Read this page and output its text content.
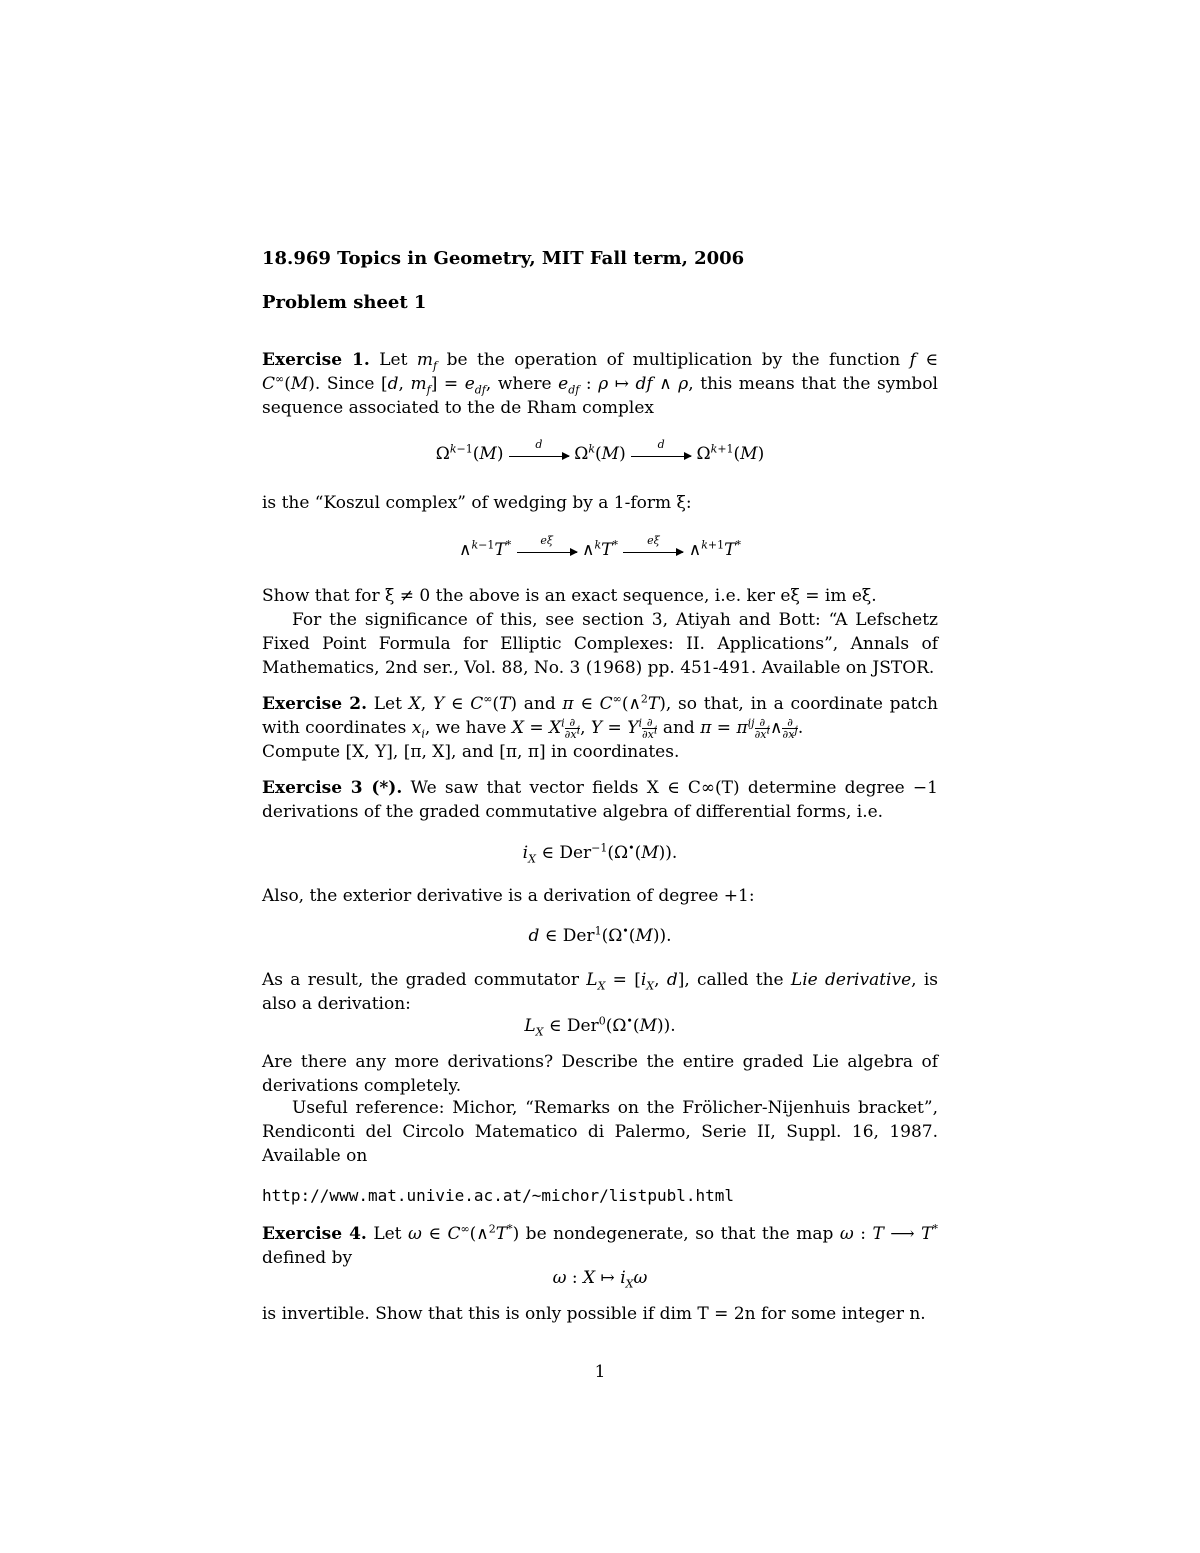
18.969 Topics in Geometry, MIT Fall term, 2006
Problem sheet 1
Exercise 1. Let $m_f$ be the operation of multiplication by the function f ∈ C∞(M). Since [d, $m_f] = e_{df}$, where $e_{df}$ : ρ ↦ df ∧ ρ, this means that the symbol sequence associated to the de Rham complex
$\Omega^{k-1}(M)$	d	$\Omega^k(M)$	d	$\Omega^{k+1}(M)$
is the “Koszul complex” of wedging by a 1-form ξ:
∧$^{k-1}$T*	eξ	∧$^k$T*	eξ	∧$^{k+1}$T*
Show that for ξ ≠ 0 the above is an exact sequence, i.e. ker eξ = im eξ.
For the significance of this, see section 3, Atiyah and Bott: “A Lefschetz Fixed Point Formula for Elliptic Complexes: II. Applications”, Annals of Mathematics, 2nd ser., Vol. 88, No. 3 (1968) pp. 451-491. Available on JSTOR.
Exercise 2. Let X, Y ∈ C∞(T) and π ∈ C∞(∧$^2$T), so that, in a coordinate patch with coordinates $x_i$, we have $X = X^i \frac{\partial}{\partial x^i}$ , $Y = Y^i \frac{\partial}{\partial x^i}$ and $\pi = \pi^{ij} \frac{\partial}{\partial x^i}$ ∧ $\frac{\partial}{\partial x^j}$ .
Compute [X, Y], [π, X], and [π, π] in coordinates.
Exercise 3 (*). We saw that vector fields X ∈ C∞(T) determine degree −1 derivations of the graded commutative algebra of differential forms, i.e.
$i_X$ ∈ Der$^{-1}$(Ω•(M)).
Also, the exterior derivative is a derivation of degree +1:
d ∈ Der$^1$(Ω•(M)).
As a result, the graded commutator $L_X = [i_X$, d], called the Lie derivative, is also a derivation:
$L_X$ ∈ Der$^0$(Ω•(M)).
Are there any more derivations? Describe the entire graded Lie algebra of derivations completely.
Useful reference: Michor, “Remarks on the Frölicher-Nijenhuis bracket”, Rendiconti del Circolo Matematico di Palermo, Serie II, Suppl. 16, 1987. Available on
http://www.mat.univie.ac.at/~michor/listpubl.html
Exercise 4. Let ω ∈ C∞(∧$^2$T*) be nondegenerate, so that the map ω : T ⟶ T* defined by
ω : X ↦ $i_X\omega$
is invertible. Show that this is only possible if dim T = 2n for some integer n.
1
